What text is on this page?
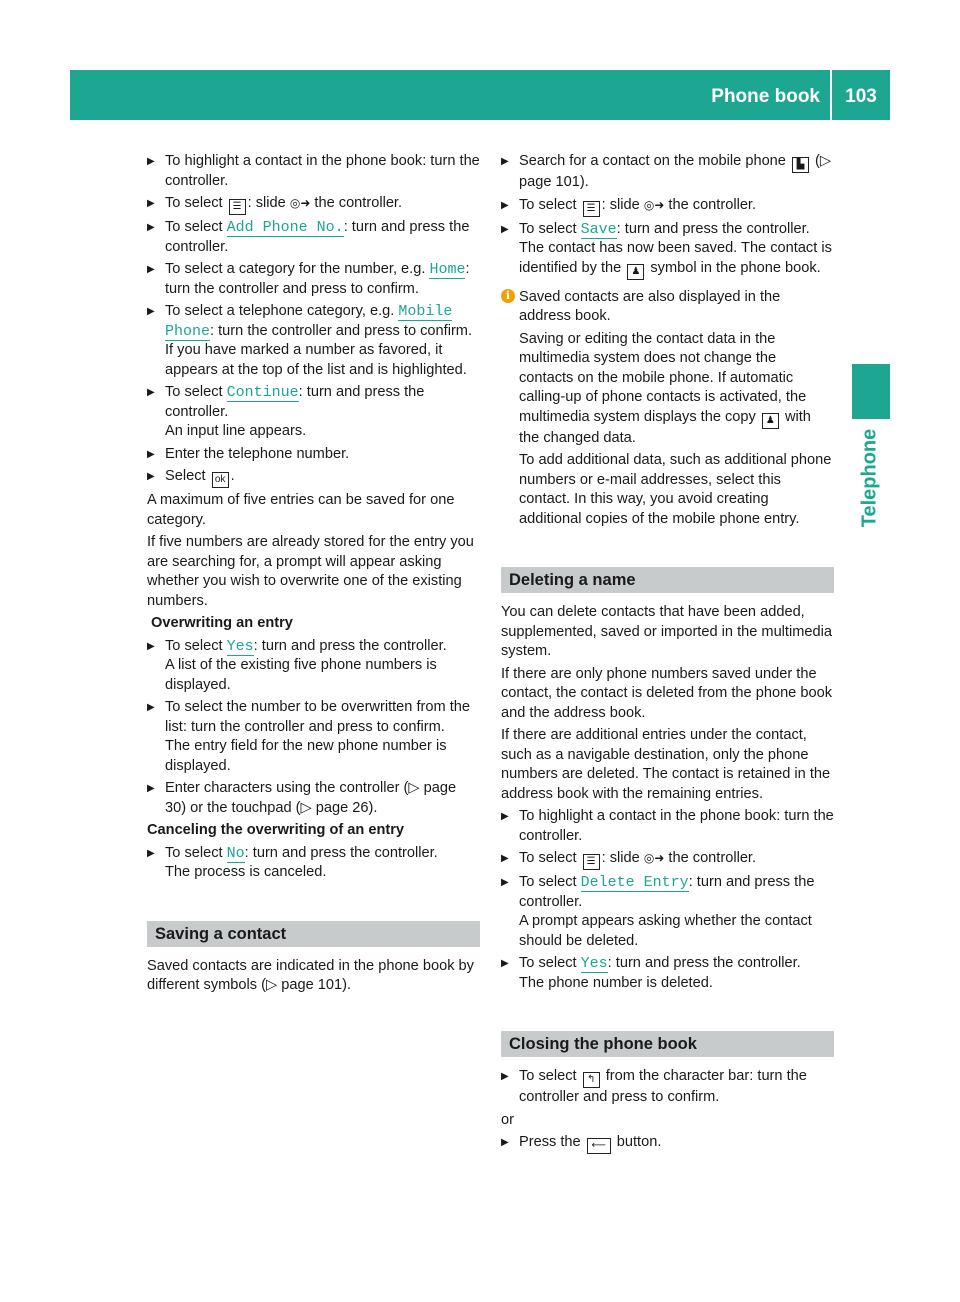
Phone book	103
Telephone
▶ To highlight a contact in the phone book: turn the controller.
▶ To select ☰ : slide ◎➜ the controller.
▶ To select Add Phone No.: turn and press the controller.
▶ To select a category for the number, e.g. Home: turn the controller and press to confirm.
▶ To select a telephone category, e.g. Mobile Phone: turn the controller and press to confirm.
If you have marked a number as favored, it appears at the top of the list and is highlighted.
▶ To select Continue: turn and press the controller.
An input line appears.
▶ Enter the telephone number.
▶ Select ok .
A maximum of five entries can be saved for one category.
If five numbers are already stored for the entry you are searching for, a prompt will appear asking whether you wish to overwrite one of the existing numbers.
Overwriting an entry
▶ To select Yes: turn and press the controller.
A list of the existing five phone numbers is displayed.
▶ To select the number to be overwritten from the list: turn the controller and press to confirm.
The entry field for the new phone number is displayed.
▶ Enter characters using the controller (▷ page 30) or the touchpad (▷ page 26).
Canceling the overwriting of an entry
▶ To select No: turn and press the controller.
The process is canceled.
Saving a contact
Saved contacts are indicated in the phone book by different symbols (▷ page 101).
▶ Search for a contact on the mobile phone ▙ (▷ page 101).
▶ To select ☰ : slide ◎➜ the controller.
▶ To select Save: turn and press the controller.
The contact has now been saved. The contact is identified by the ♟ symbol in the phone book.
i Saved contacts are also displayed in the address book.
Saving or editing the contact data in the multimedia system does not change the contacts on the mobile phone. If automatic calling-up of phone contacts is activated, the multimedia system displays the copy ♟ with the changed data.
To add additional data, such as additional phone numbers or e-mail addresses, select this contact. In this way, you avoid creating additional copies of the mobile phone entry.
Deleting a name
You can delete contacts that have been added, supplemented, saved or imported in the multimedia system.
If there are only phone numbers saved under the contact, the contact is deleted from the phone book and the address book.
If there are additional entries under the contact, such as a navigable destination, only the phone numbers are deleted. The contact is retained in the address book with the remaining entries.
▶ To highlight a contact in the phone book: turn the controller.
▶ To select ☰ : slide ◎➜ the controller.
▶ To select Delete Entry: turn and press the controller.
A prompt appears asking whether the contact should be deleted.
▶ To select Yes: turn and press the controller.
The phone number is deleted.
Closing the phone book
▶ To select ↰ from the character bar: turn the controller and press to confirm.
or
▶ Press the ⟵ button.
